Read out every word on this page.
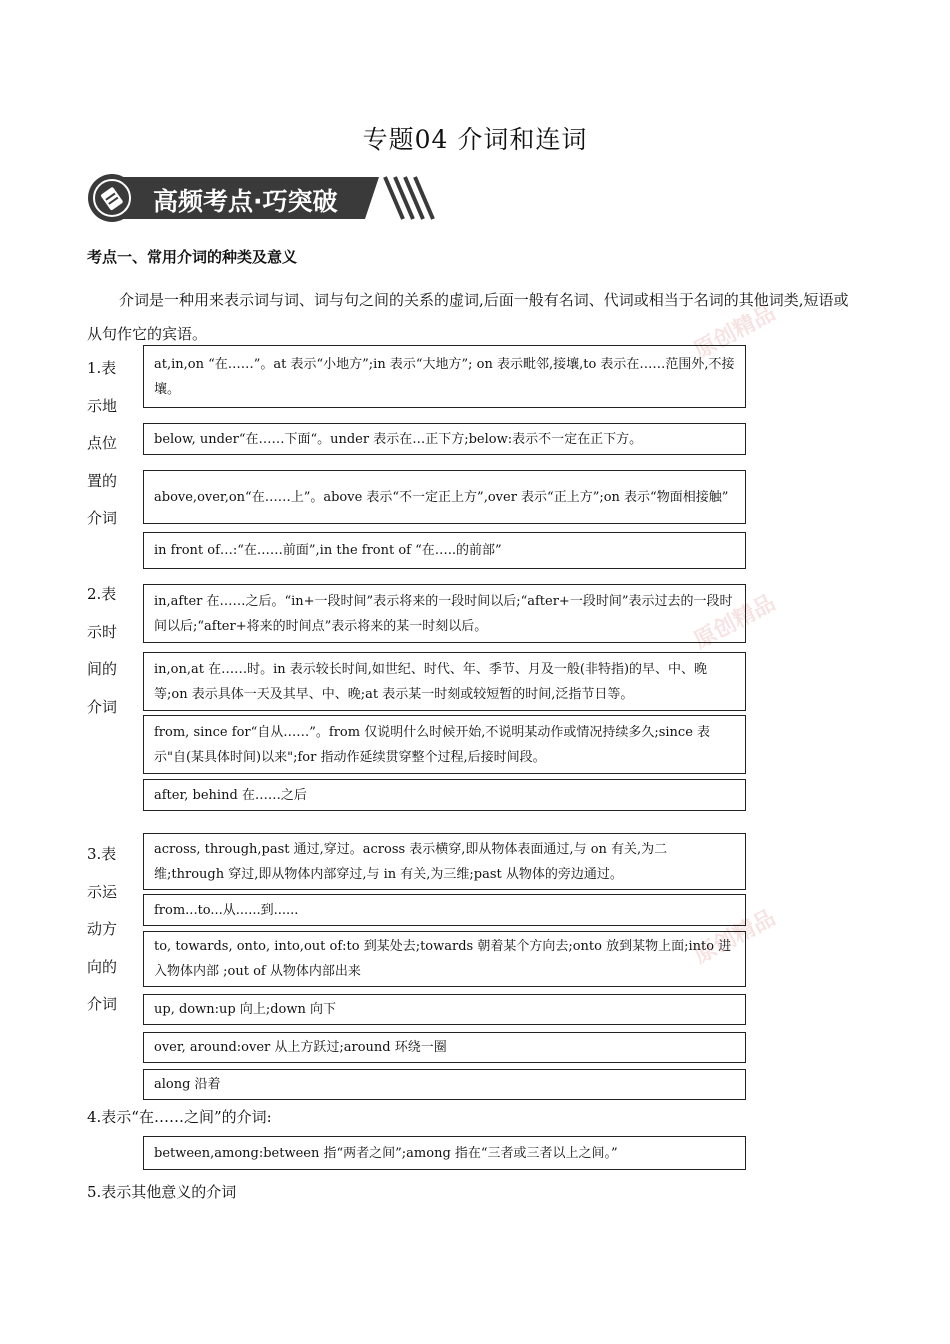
专题04 介词和连词
高频考点·巧突破
考点一、常用介词的种类及意义
介词是一种用来表示词与词、词与句之间的关系的虚词,后面一般有名词、代词或相当于名词的其他词类,短语或从句作它的宾语。	原创精品
原创精品
原创精品
1.表示地点位置的介词
2.表示时间的介词
3.表示运动方向的介词
at,in,on “在……”。at 表示“小地方”;in 表示“大地方”; on 表示毗邻,接壤,to 表示在……范围外,不接壤。
below, under“在……下面“。under 表示在…正下方;below:表示不一定在正下方。
above,over,on“在……上”。above 表示“不一定正上方”,over 表示“正上方”;on 表示“物面相接触”
in front of…:“在……前面”,in the front of “在…..的前部”
in,after 在……之后。“in+一段时间”表示将来的一段时间以后;“after+一段时间”表示过去的一段时间以后;“after+将来的时间点”表示将来的某一时刻以后。
in,on,at 在……时。in 表示较长时间,如世纪、时代、年、季节、月及一般(非特指)的早、中、晚等;on 表示具体一天及其早、中、晚;at 表示某一时刻或较短暂的时间,泛指节日等。
from, since for“自从……”。from 仅说明什么时候开始,不说明某动作或情况持续多久;since 表示"自(某具体时间)以来";for 指动作延续贯穿整个过程,后接时间段。
after, behind 在……之后
across, through,past 通过,穿过。across 表示横穿,即从物体表面通过,与 on 有关,为二维;through 穿过,即从物体内部穿过,与 in 有关,为三维;past 从物体的旁边通过。
from...to...从......到......
to, towards, onto, into,out of:to 到某处去;towards 朝着某个方向去;onto 放到某物上面;into 进入物体内部 ;out of 从物体内部出来
up, down:up 向上;down 向下
over, around:over 从上方跃过;around 环绕一圈
along 沿着
4.表示“在……之间”的介词:
between,among:between 指“两者之间”;among 指在“三者或三者以上之间。”
5.表示其他意义的介词
